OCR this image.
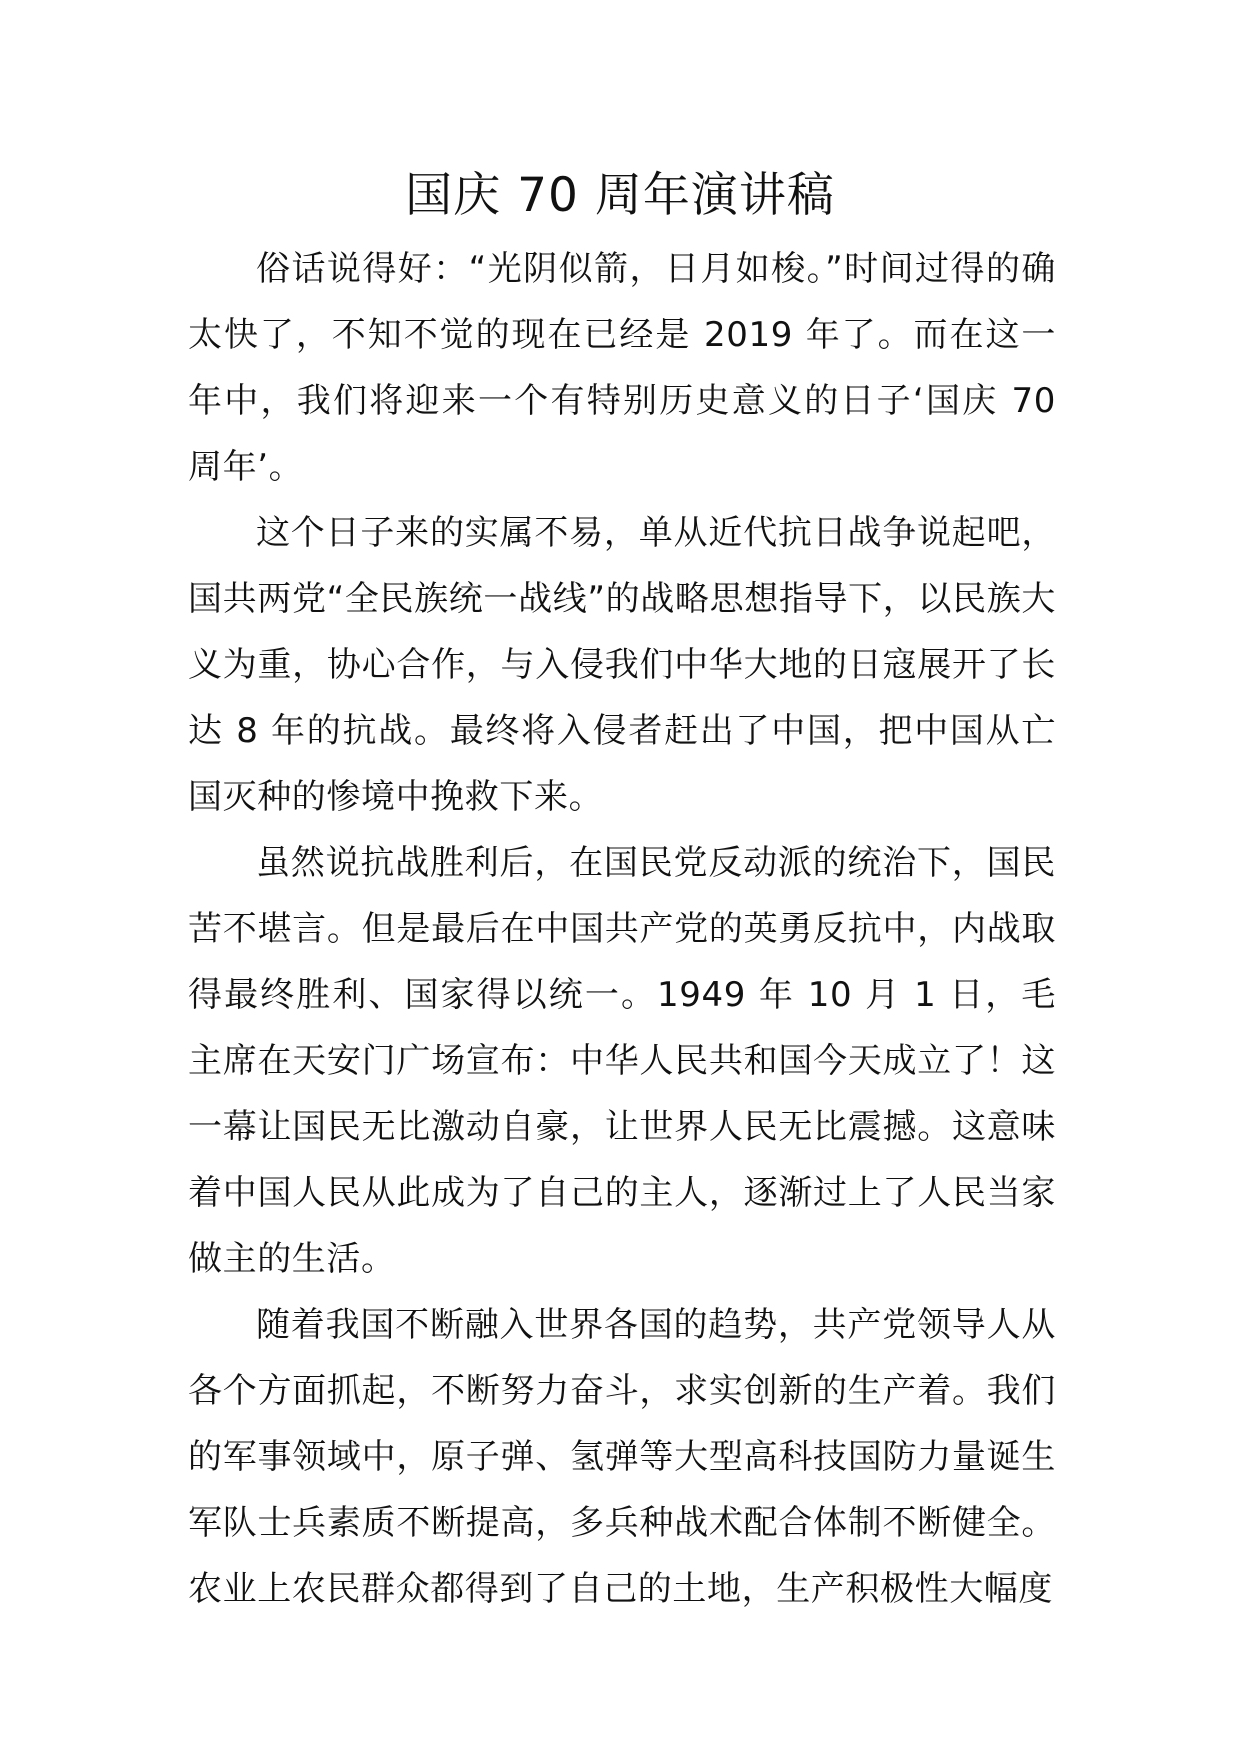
国庆 70 周年演讲稿

俗话说得好：“光阴似箭，日月如梭。”时间过得的确太快了，不知不觉的现在已经是 2019 年了。而在这一年中，我们将迎来一个有特别历史意义的日子‘国庆 70 周年’。

这个日子来的实属不易，单从近代抗日战争说起吧，国共两党“全民族统一战线”的战略思想指导下，以民族大义为重，协心合作，与入侵我们中华大地的日寇展开了长达 8 年的抗战。最终将入侵者赶出了中国，把中国从亡国灭种的惨境中挽救下来。

虽然说抗战胜利后，在国民党反动派的统治下，国民苦不堪言。但是最后在中国共产党的英勇反抗中，内战取得最终胜利、国家得以统一。1949 年 10 月 1 日，毛主席在天安门广场宣布：中华人民共和国今天成立了！这一幕让国民无比激动自豪，让世界人民无比震撼。这意味着中国人民从此成为了自己的主人，逐渐过上了人民当家做主的生活。

随着我国不断融入世界各国的趋势，共产党领导人从各个方面抓起，不断努力奋斗，求实创新的生产着。我们的军事领域中，原子弹、氢弹等大型高科技国防力量诞生军队士兵素质不断提高，多兵种战术配合体制不断健全。农业上农民群众都得到了自己的土地，生产积极性大幅度
